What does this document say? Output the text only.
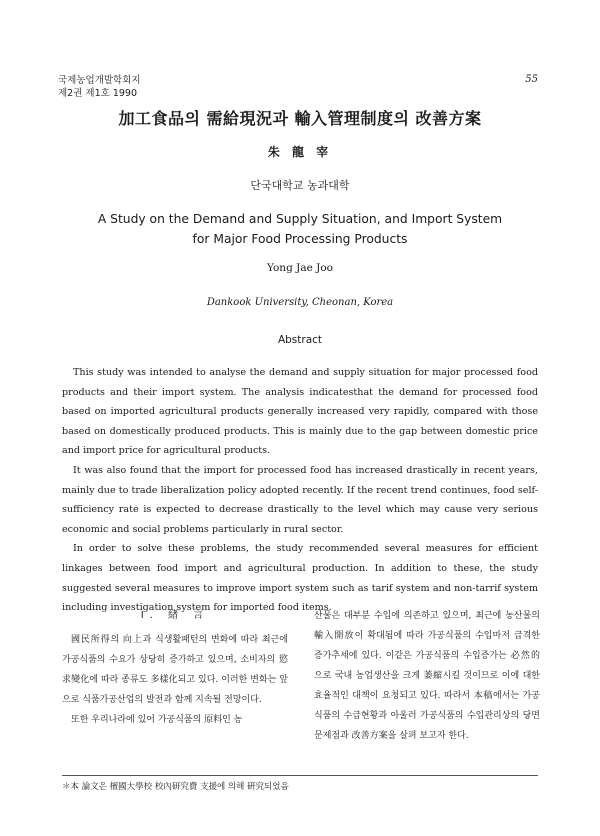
국제농업개발학회지
제2권 제1호 1990
55
加工食品의 需給現況과 輸入管理制度의 改善方案
朱 龍 宰
단국대학교 농과대학
A Study on the Demand and Supply Situation, and Import System
for Major Food Processing Products
Yong Jae Joo
Dankook University, Cheonan, Korea
Abstract

This study was intended to analyse the demand and supply situation for major processed food products and their import system. The analysis indicatesthat the demand for processed food based on imported agricultural products generally increased very rapidly, compared with those based on domestically produced products. This is mainly due to the gap between domestic price and import price for agricultural products.

It was also found that the import for processed food has increased drastically in recent years, mainly due to trade liberalization policy adopted recently. If the recent trend continues, food self-sufficiency rate is expected to decrease drastically to the level which may cause very serious economic and social problems particularly in rural sector.

In order to solve these problems, the study recommended several measures for efficient linkages between food import and agricultural production. In addition to these, the study suggested several measures to improve import system such as tarif system and non-tarrif system including investigation system for imported food items.

I. 緖 言

國民所得의 向上과 식생활패턴의 변화에 따라 최근에 가공식품의 수요가 상당히 증가하고 있으며, 소비자의 慾求變化에 따라 종류도 多樣化되고 있다. 이러한 변화는 앞으로 식품가공산업의 발전과 함께 지속될 전망이다.

또한 우리나라에 있어 가공식품의 原料인 농

산물은 대부분 수입에 의존하고 있으며, 최근에 농산물의 輸入開放이 확대됨에 따라 가공식품의 수입마저 급격한 증가추세에 있다. 이같은 가공식품의 수입증가는 必然的으로 국내 농업생산을 크게 萎縮시킬 것이므로 이에 대한 효율적인 대책이 요청되고 있다. 따라서 本稿에서는 가공식품의 수급현황과 아울러 가공식품의 수입관리상의 당면문제점과 改善方案을 살펴 보고자 한다.

＊本 論文은 檀國大學校 校內研究費 支援에 의해 硏究되었음
